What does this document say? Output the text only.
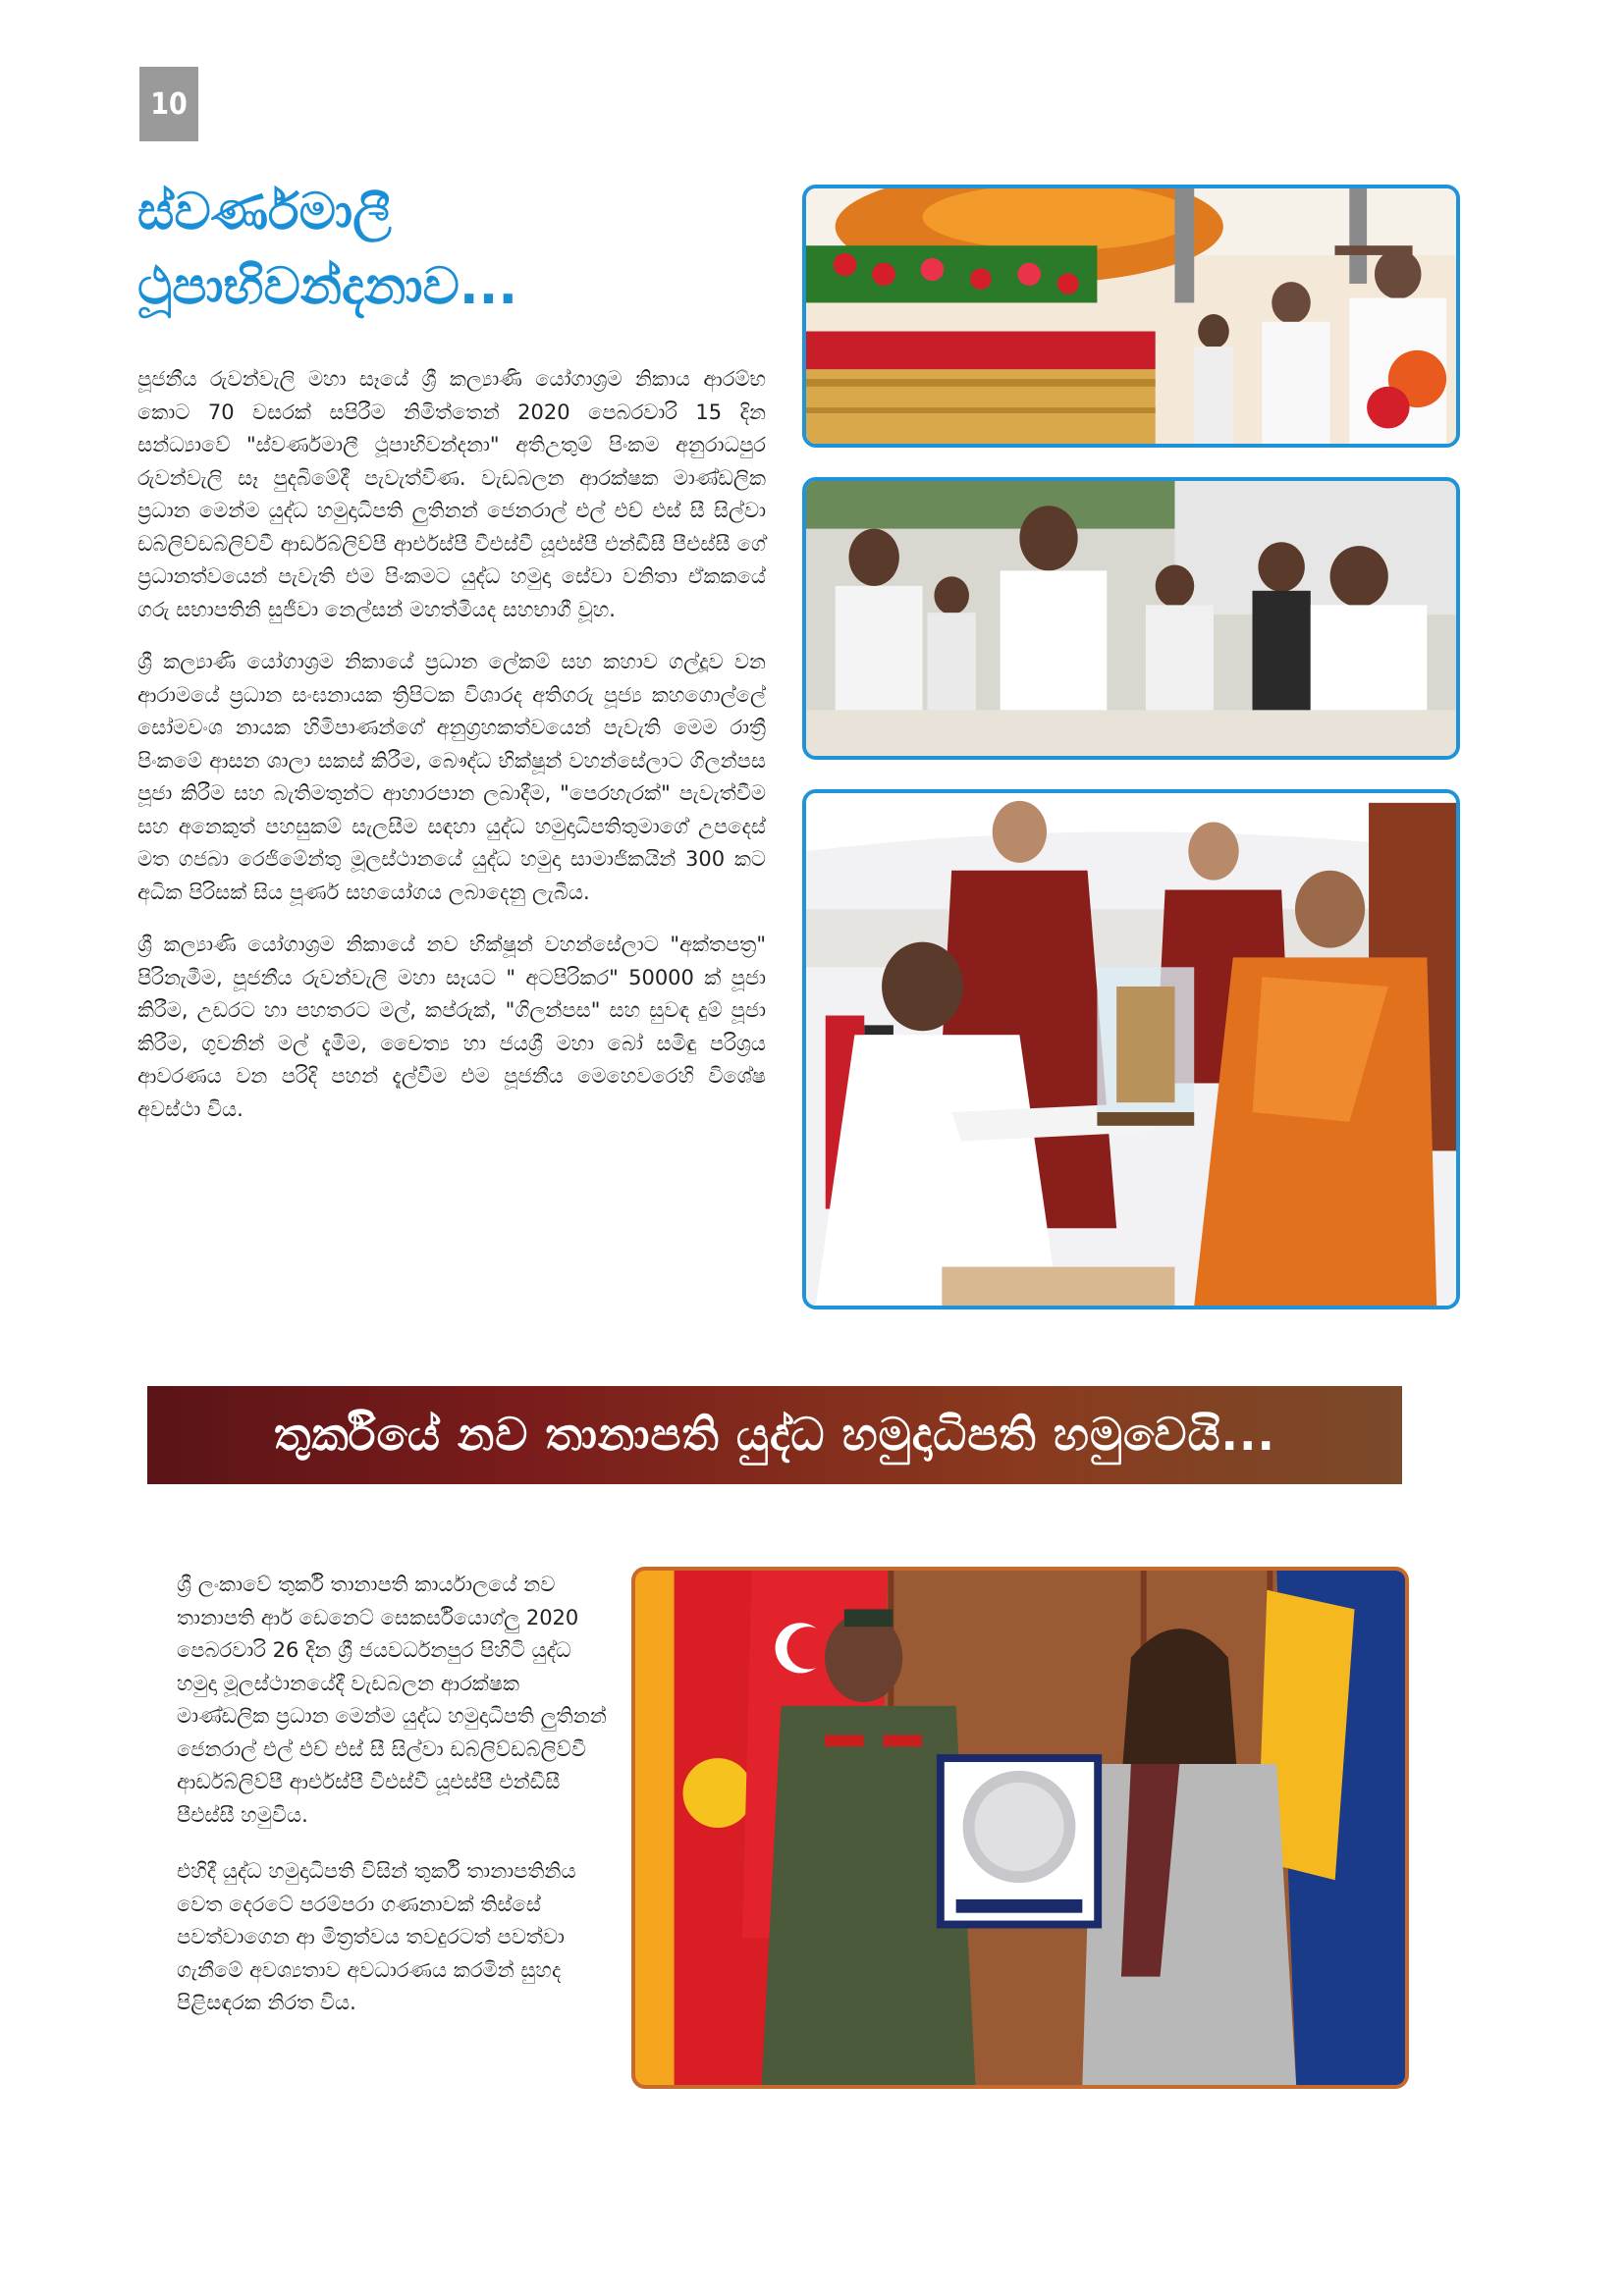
10
ස්වර්ණමාලී
ථූපාභිවන්දනාව...

පූජනීය රුවන්වැලි මහා සෑයේ ශ්‍රී කල්‍යාණි යෝගාශ්‍රම නිකාය ආරම්භ කොට 70 වසරක් සපිරීම නිමිත්තෙන් 2020 පෙබරවාරි 15 දින සන්ධ්‍යාවේ "ස්වර්ණමාලී ථූපාභිවන්දනා" අතිඋතුම් පිංකම අනුරාධපුර රුවන්වැලි සෑ පුදබිමේදී පැවැත්විණ. වැඩබලන ආරක්ෂක මාණ්ඩලික ප්‍රධාන මෙන්ම යුද්ධ හමුදාධිපති ලුතිනන් ජෙනරාල් එල් එච් එස් සී සිල්වා ඩබ්ලිව්ඩබ්ලිව්වී ආර්ඩබ්ලිව්පී ආර්එස්පී වීඑස්වී යූඑස්පී එන්ඩීසී පීඑස්සී ගේ ප්‍රධානත්වයෙන් පැවැති එම පිංකමට යුද්ධ හමුදා සේවා වනිතා ඒකකයේ ගරු සභාපතිනි සුජීවා නෙල්සන් මහත්මියද සහභාගී වූහ.

ශ්‍රී කල්‍යාණි යෝගාශ්‍රම නිකායේ ප්‍රධාන ලේකම් සහ කහාව ගල්දූව වන ආරාමයේ ප්‍රධාන සංඝනායක ත්‍රිපිටක විශාරද අතිගරු පූජ්‍ය කහගොල්ලේ සෝමවංශ නායක හිමිපාණන්ගේ අනුග්‍රහකත්වයෙන් පැවැති මෙම රාත්‍රී පිංකමේ ආසන ශාලා සකස් කිරීම, බෞද්ධ භික්ෂූන් වහන්සේලාට ගිලන්පස පූජා කිරීම සහ බැතිමතුන්ට ආහාරපාන ලබාදීම, "පෙරහැරක්" පැවැත්වීම සහ අනෙකුත් පහසුකම් සැලසීම සඳහා යුද්ධ හමුදාධිපතිතුමාගේ උපදෙස් මත ගජබා රෙජිමේන්තු මූලස්ථානයේ යුද්ධ හමුදා සාමාජිකයින් 300 කට අධික පිරිසක් සිය පූර්ණ සහයෝගය ලබාදෙනු ලැබීය.

ශ්‍රී කල්‍යාණි යෝගාශ්‍රම නිකායේ නව භික්ෂූන් වහන්සේලාට "අක්තපත්‍ර" පිරිනැමීම, පූජනීය රුවන්වැලි මහා සෑයට " අටපිරිකර" 50000 ක් පූජා කිරීම, උඩරට හා පහතරට මල්, කප්රුක්, "ගිලන්පස" සහ සුවඳ දුම් පූජා කිරීම, ගුවනින් මල් දැමීම, චෛත්‍ය හා ජයශ්‍රී මහා බෝ සමිඳු පරිශ්‍රය ආවරණය වන පරිදි පහන් දැල්වීම එම පූජනීය මෙහෙවරෙහි විශේෂ අවස්ථා විය.

තුර්කියේ නව තානාපති යුද්ධ හමුදාධිපති හමුවෙයි...

ශ්‍රී ලංකාවේ තුර්කි තානාපති කාර්යාලයේ නව තානාපති ආර් ඩෙනෙට් සෙකර්සියොග්ලු 2020 පෙබරවාරි 26 දින ශ්‍රී ජයවර්ධනපුර පිහිටි යුද්ධ හමුදා මූලස්ථානයේදී වැඩබලන ආරක්ෂක මාණ්ඩලික ප්‍රධාන මෙන්ම යුද්ධ හමුදාධිපති ලුතිනන් ජෙනරාල් එල් එච් එස් සී සිල්වා ඩබ්ලිව්ඩබ්ලිව්වී ආර්ඩබ්ලිව්පී ආර්එස්පී වීඑස්වී යූඑස්පී එන්ඩීසී පීඑස්සී හමුවිය.

එහිදී යුද්ධ හමුදාධිපති විසින් තුර්කි තානාපතිනිය වෙත දෙරටේ පරම්පරා ගණනාවක් තිස්සේ පවත්වාගෙන ආ මිත්‍රත්වය තවදුරටත් පවත්වා ගැනීමේ අවශ්‍යතාව අවධාරණය කරමින් සුහද පිළිසඳරක නිරත විය.
